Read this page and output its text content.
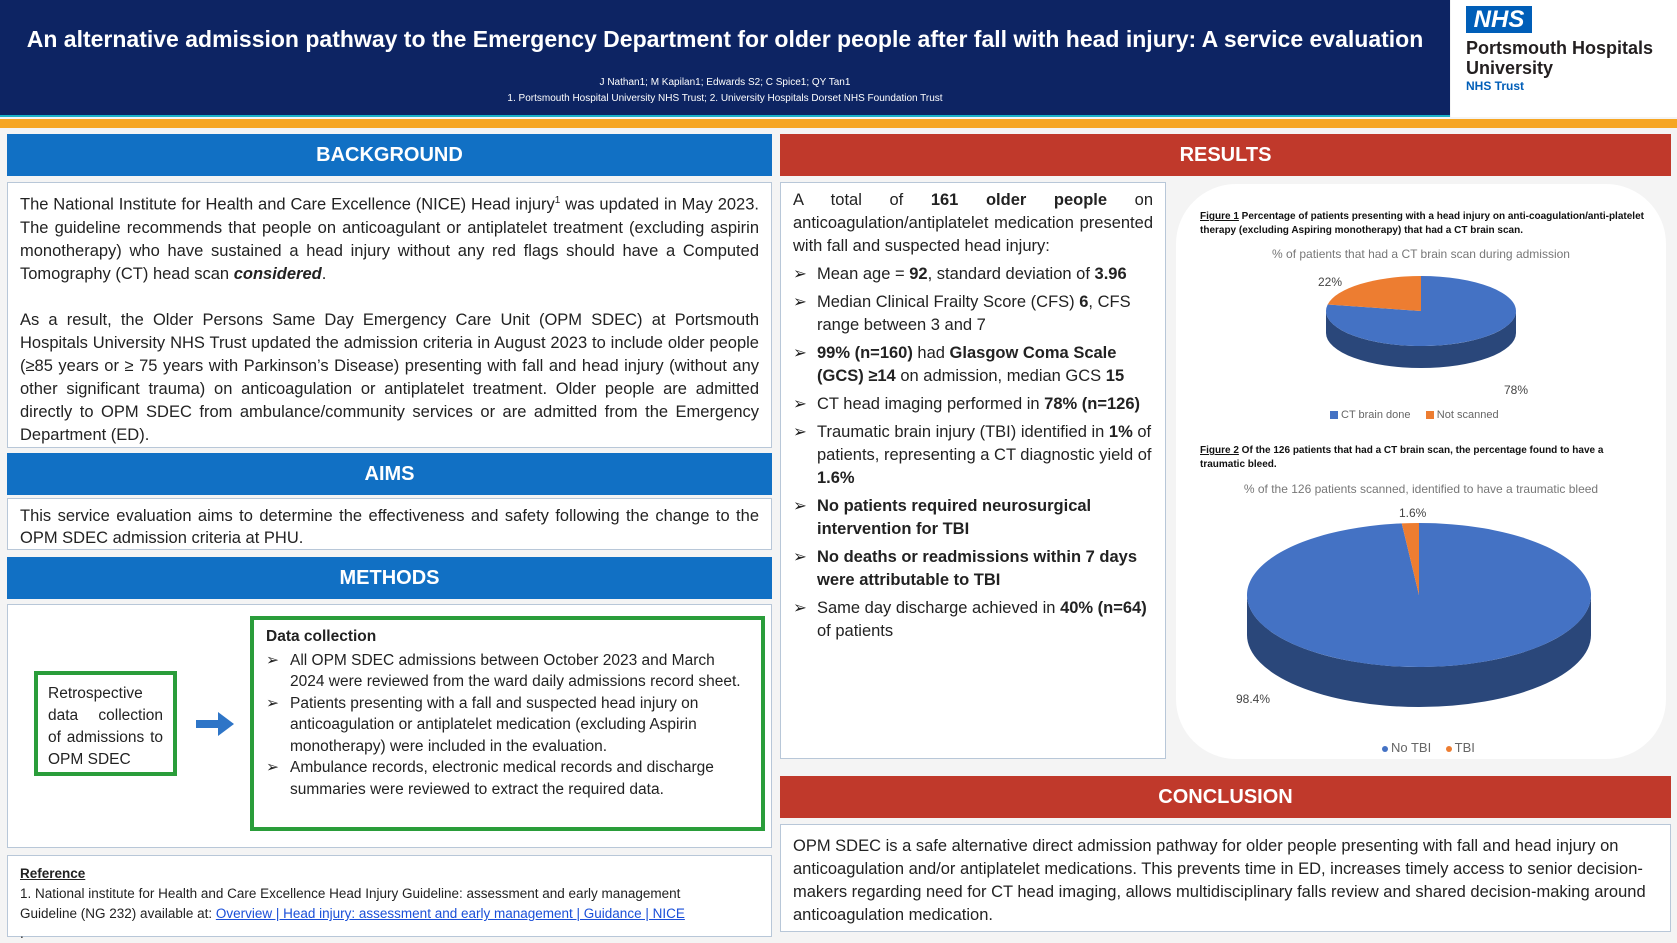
An alternative admission pathway to the Emergency Department for older people after fall with head injury: A service evaluation
J Nathan1; M Kapilan1; Edwards S2; C Spice1; QY Tan1
1. Portsmouth Hospital University NHS Trust; 2. University Hospitals Dorset NHS Foundation Trust
NHS
Portsmouth Hospitals
University
NHS Trust
BACKGROUND

The National Institute for Health and Care Excellence (NICE) Head injury$^1$ was updated in May 2023. The guideline recommends that people on anticoagulant or antiplatelet treatment (excluding aspirin monotherapy) who have sustained a head injury without any red flags should have a Computed Tomography (CT) head scan considered.

As a result, the Older Persons Same Day Emergency Care Unit (OPM SDEC) at Portsmouth Hospitals University NHS Trust updated the admission criteria in August 2023 to include older people (≥85 years or ≥ 75 years with Parkinson’s Disease) presenting with fall and head injury (without any other significant trauma) on anticoagulation or antiplatelet treatment. Older people are admitted directly to OPM SDEC from ambulance/community services or are admitted from the Emergency Department (ED).

AIMS
This service evaluation aims to determine the effectiveness and safety following the change to the OPM SDEC admission criteria at PHU.
METHODS
Retrospective data collection of admissions to OPM SDEC
Data collection
➢ All OPM SDEC admissions between October 2023 and March 2024 were reviewed from the ward daily admissions record sheet.
➢ Patients presenting with a fall and suspected head injury on anticoagulation or antiplatelet medication (excluding Aspirin monotherapy) were included in the evaluation.
➢ Ambulance records, electronic medical records and discharge summaries were reviewed to extract the required data.
Reference
1. National institute for Health and Care Excellence Head Injury Guideline: assessment and early management
Guideline (NG 232) available at: Overview | Head injury: assessment and early management | Guidance | NICE
.
RESULTS

A total of 161 older people on anticoagulation/antiplatelet medication presented with fall and suspected head injury:

➢ Mean age = 92, standard deviation of 3.96
➢ Median Clinical Frailty Score (CFS) 6, CFS range between 3 and 7
➢ 99% (n=160) had Glasgow Coma Scale (GCS) ≥14 on admission, median GCS 15
➢ CT head imaging performed in 78% (n=126)
➢ Traumatic brain injury (TBI) identified in 1% of patients, representing a CT diagnostic yield of 1.6%
➢ No patients required neurosurgical intervention for TBI
➢ No deaths or readmissions within 7 days were attributable to TBI
➢ Same day discharge achieved in 40% (n=64) of patients
Figure 1 Percentage of patients presenting with a head injury on anti-coagulation/anti-platelet therapy (excluding Aspiring monotherapy) that had a CT brain scan.
% of patients that had a CT brain scan during admission
78%
22%
CT brain done Not scanned
Figure 2 Of the 126 patients that had a CT brain scan, the percentage found to have a traumatic bleed.
% of the 126 patients scanned, identified to have a traumatic bleed
98.4%
1.6%
No TBI TBI
CONCLUSION
OPM SDEC is a safe alternative direct admission pathway for older people presenting with fall and head injury on anticoagulation and/or antiplatelet medications. This prevents time in ED, increases timely access to senior decision-makers regarding need for CT head imaging, allows multidisciplinary falls review and shared decision-making around anticoagulation medication.
